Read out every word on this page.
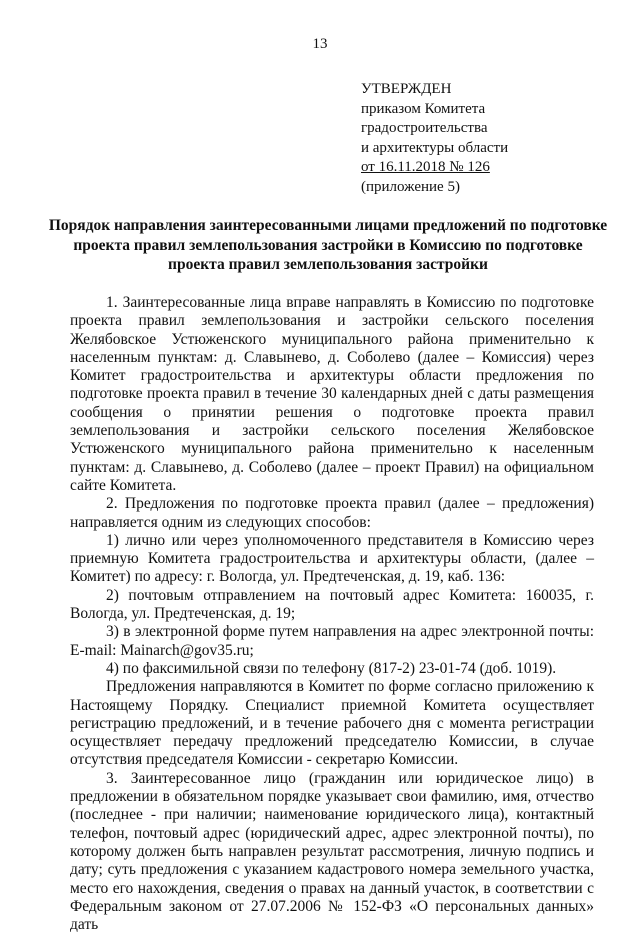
13
УТВЕРЖДЕН
приказом Комитета
градостроительства
и архитектуры области
от 16.11.2018 № 126
(приложение 5)
Порядок направления заинтересованными лицами предложений по подготовке проекта правил землепользования застройки в Комиссию по подготовке проекта правил землепользования застройки

1. Заинтересованные лица вправе направлять в Комиссию по подготовке проекта правил землепользования и застройки сельского поселения Желябовское Устюженского муниципального района применительно к населенным пунктам: д. Славынево, д. Соболево (далее – Комиссия) через Комитет градостроительства и архитектуры области предложения по подготовке проекта правил в течение 30 календарных дней с даты размещения сообщения о принятии решения о подготовке проекта правил землепользования и застройки сельского поселения Желябовское Устюженского муниципального района применительно к населенным пунктам: д. Славынево, д. Соболево (далее – проект Правил) на официальном сайте Комитета.

2. Предложения по подготовке проекта правил (далее – предложения) направляется одним из следующих способов:

1) лично или через уполномоченного представителя в Комиссию через приемную Комитета градостроительства и архитектуры области, (далее – Комитет) по адресу: г. Вологда, ул. Предтеченская, д. 19, каб. 136:

2) почтовым отправлением на почтовый адрес Комитета: 160035, г. Вологда, ул. Предтеченская, д. 19;

3) в электронной форме путем направления на адрес электронной почты: E-mail: Mainarch@gov35.ru;

4) по факсимильной связи по телефону (817-2) 23-01-74 (доб. 1019).

Предложения направляются в Комитет по форме согласно приложению к Настоящему Порядку. Специалист приемной Комитета осуществляет регистрацию предложений, и в течение рабочего дня с момента регистрации осуществляет передачу предложений председателю Комиссии, в случае отсутствия председателя Комиссии - секретарю Комиссии.

3. Заинтересованное лицо (гражданин или юридическое лицо) в предложении в обязательном порядке указывает свои фамилию, имя, отчество (последнее - при наличии; наименование юридического лица), контактный телефон, почтовый адрес (юридический адрес, адрес электронной почты), по которому должен быть направлен результат рассмотрения, личную подпись и дату; суть предложения с указанием кадастрового номера земельного участка, место его нахождения, сведения о правах на данный участок, в соответствии с Федеральным законом от 27.07.2006 № 152-ФЗ «О персональных данных» дать
